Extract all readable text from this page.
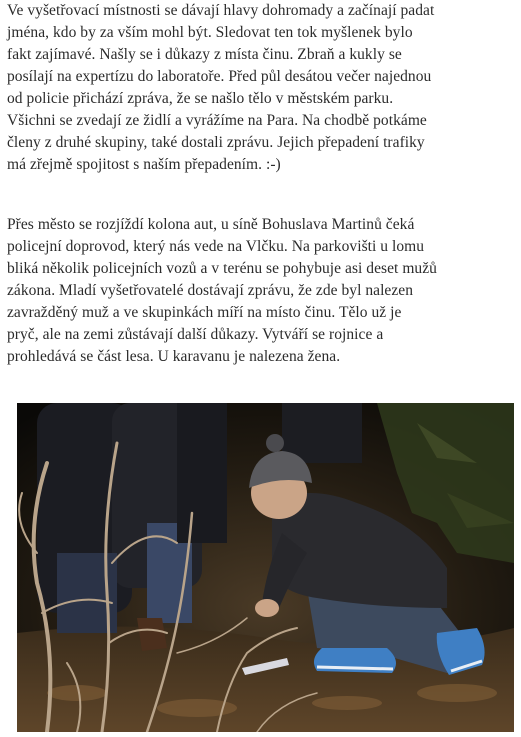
Ve vyšetřovací místnosti se dávají hlavy dohromady a začínají padat
jména, kdo by za vším mohl být. Sledovat ten tok myšlenek bylo
fakt zajímavé. Našly se i důkazy z místa činu. Zbraň a kukly se
posílají na expertízu do laboratoře. Před půl desátou večer najednou
od policie přichází zpráva, že se našlo tělo v městském parku.
Všichni se zvedají ze židlí a vyrážíme na Para. Na chodbě potkáme
členy z druhé skupiny, také dostali zprávu. Jejich přepadení trafiky
má zřejmě spojitost s naším přepadením. :-)

Přes město se rozjíždí kolona aut, u síně Bohuslava Martinů čeká
policejní doprovod, který nás vede na Vlčku. Na parkovišti u lomu
bliká několik policejních vozů a v terénu se pohybuje asi deset mužů
zákona. Mladí vyšetřovatelé dostávají zprávu, že zde byl nalezen
zavražděný muž a ve skupinkách míří na místo činu. Tělo už je
pryč, ale na zemi zůstávají další důkazy. Vytváří se rojnice a
prohledává se část lesa. U karavanu je nalezena žena.
